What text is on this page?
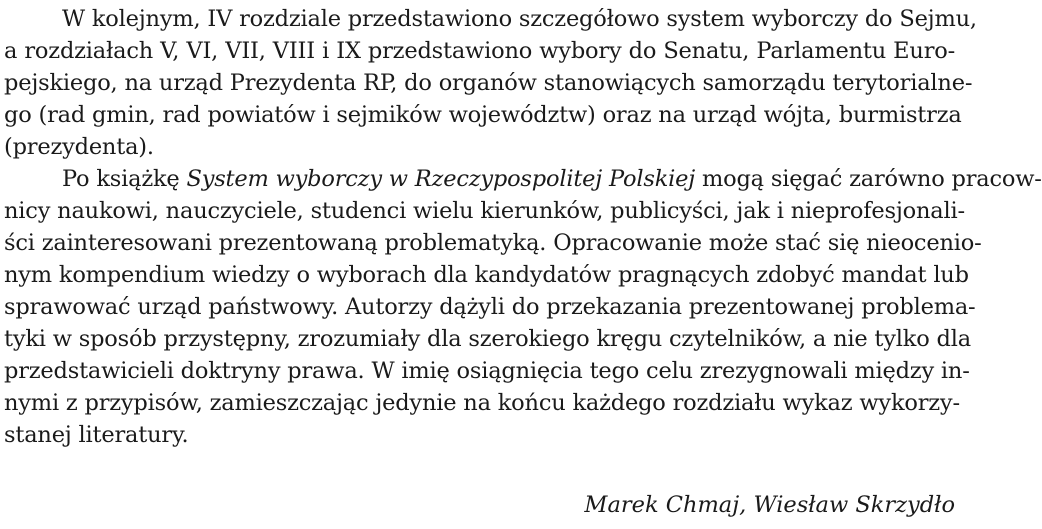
W kolejnym, IV rozdziale przedstawiono szczegółowo system wyborczy do Sejmu,
a rozdziałach V, VI, VII, VIII i IX przedstawiono wybory do Senatu, Parlamentu Euro-
pejskiego, na urząd Prezydenta RP, do organów stanowiących samorządu terytorialne-
go (rad gmin, rad powiatów i sejmików województw) oraz na urząd wójta, burmistrza
(prezydenta).
Po książkę System wyborczy w Rzeczypospolitej Polskiej mogą sięgać zarówno pracow-
nicy naukowi, nauczyciele, studenci wielu kierunków, publicyści, jak i nieprofesjonali-
ści zainteresowani prezentowaną problematyką. Opracowanie może stać się nieocenio-
nym kompendium wiedzy o wyborach dla kandydatów pragnących zdobyć mandat lub
sprawować urząd państwowy. Autorzy dążyli do przekazania prezentowanej problema-
tyki w sposób przystępny, zrozumiały dla szerokiego kręgu czytelników, a nie tylko dla
przedstawicieli doktryny prawa. W imię osiągnięcia tego celu zrezygnowali między in-
nymi z przypisów, zamieszczając jedynie na końcu każdego rozdziału wykaz wykorzy-
stanej literatury.
Marek Chmaj, Wiesław Skrzydło
